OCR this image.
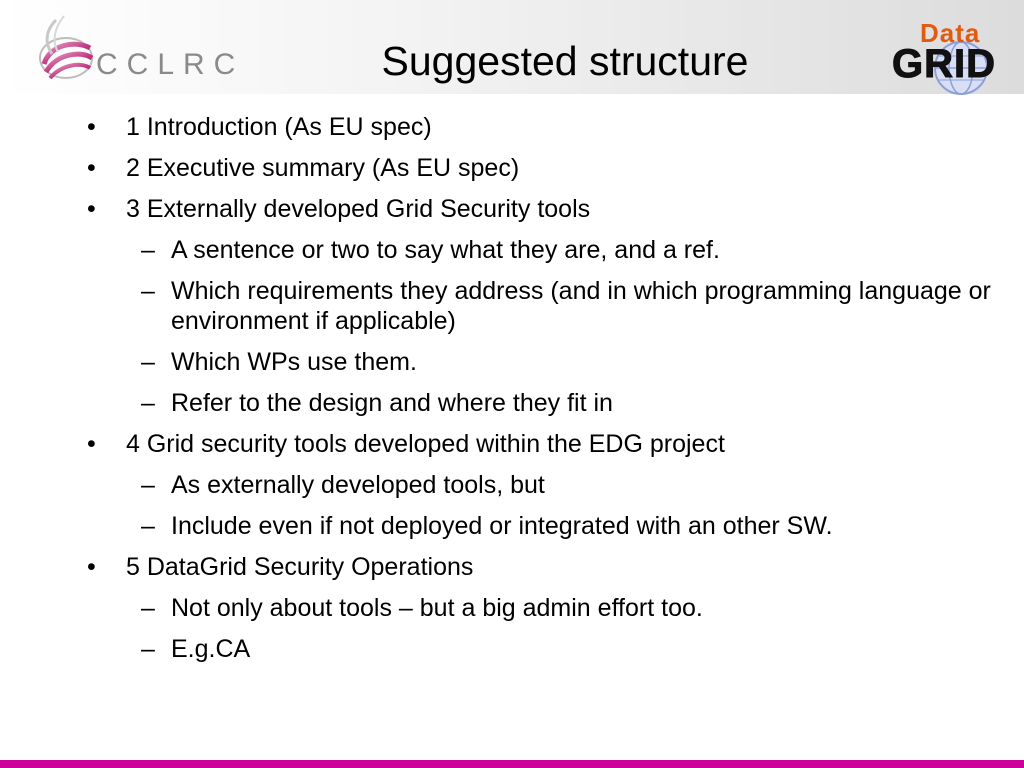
CCLRC	Suggested structure
Data
GRID
• 1 Introduction (As EU spec)
• 2 Executive summary (As EU spec)
• 3 Externally developed Grid Security tools
– A sentence or two to say what they are, and a ref.
– Which requirements they address (and in which programming language or environment if applicable)
– Which WPs use them.
– Refer to the design and where they fit in
• 4 Grid security tools developed within the EDG project
– As externally developed tools, but
– Include even if not deployed or integrated with an other SW.
• 5 DataGrid Security Operations
– Not only about tools – but a big admin effort too.
– E.g.CA
